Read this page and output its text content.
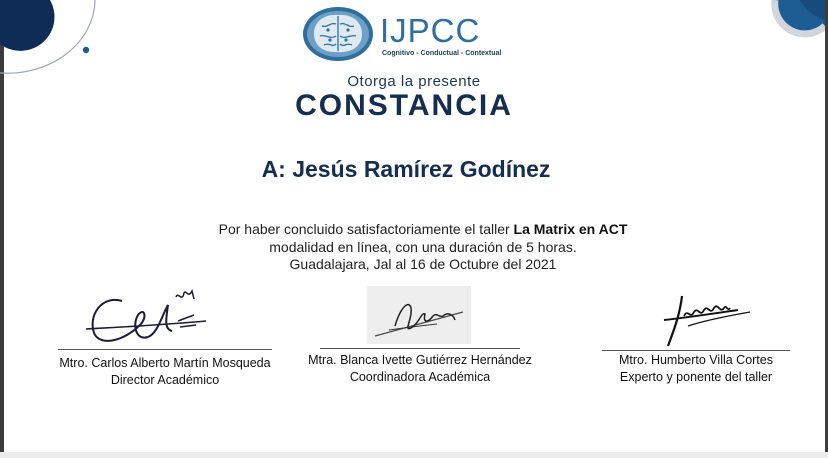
IJPCC
Cognitivo - Conductual - Contextual
Otorga la presente
CONSTANCIA
A: Jesús Ramírez Godínez
Por haber concluido satisfactoriamente el taller La Matrix en ACT
modalidad en línea, con una duración de 5 horas.
Guadalajara, Jal al 16 de Octubre del 2021
Mtro. Carlos Alberto Martín Mosqueda
Director Académico
Mtra. Blanca Ivette Gutiérrez Hernández
Coordinadora Académica
Mtro. Humberto Villa Cortes
Experto y ponente del taller
